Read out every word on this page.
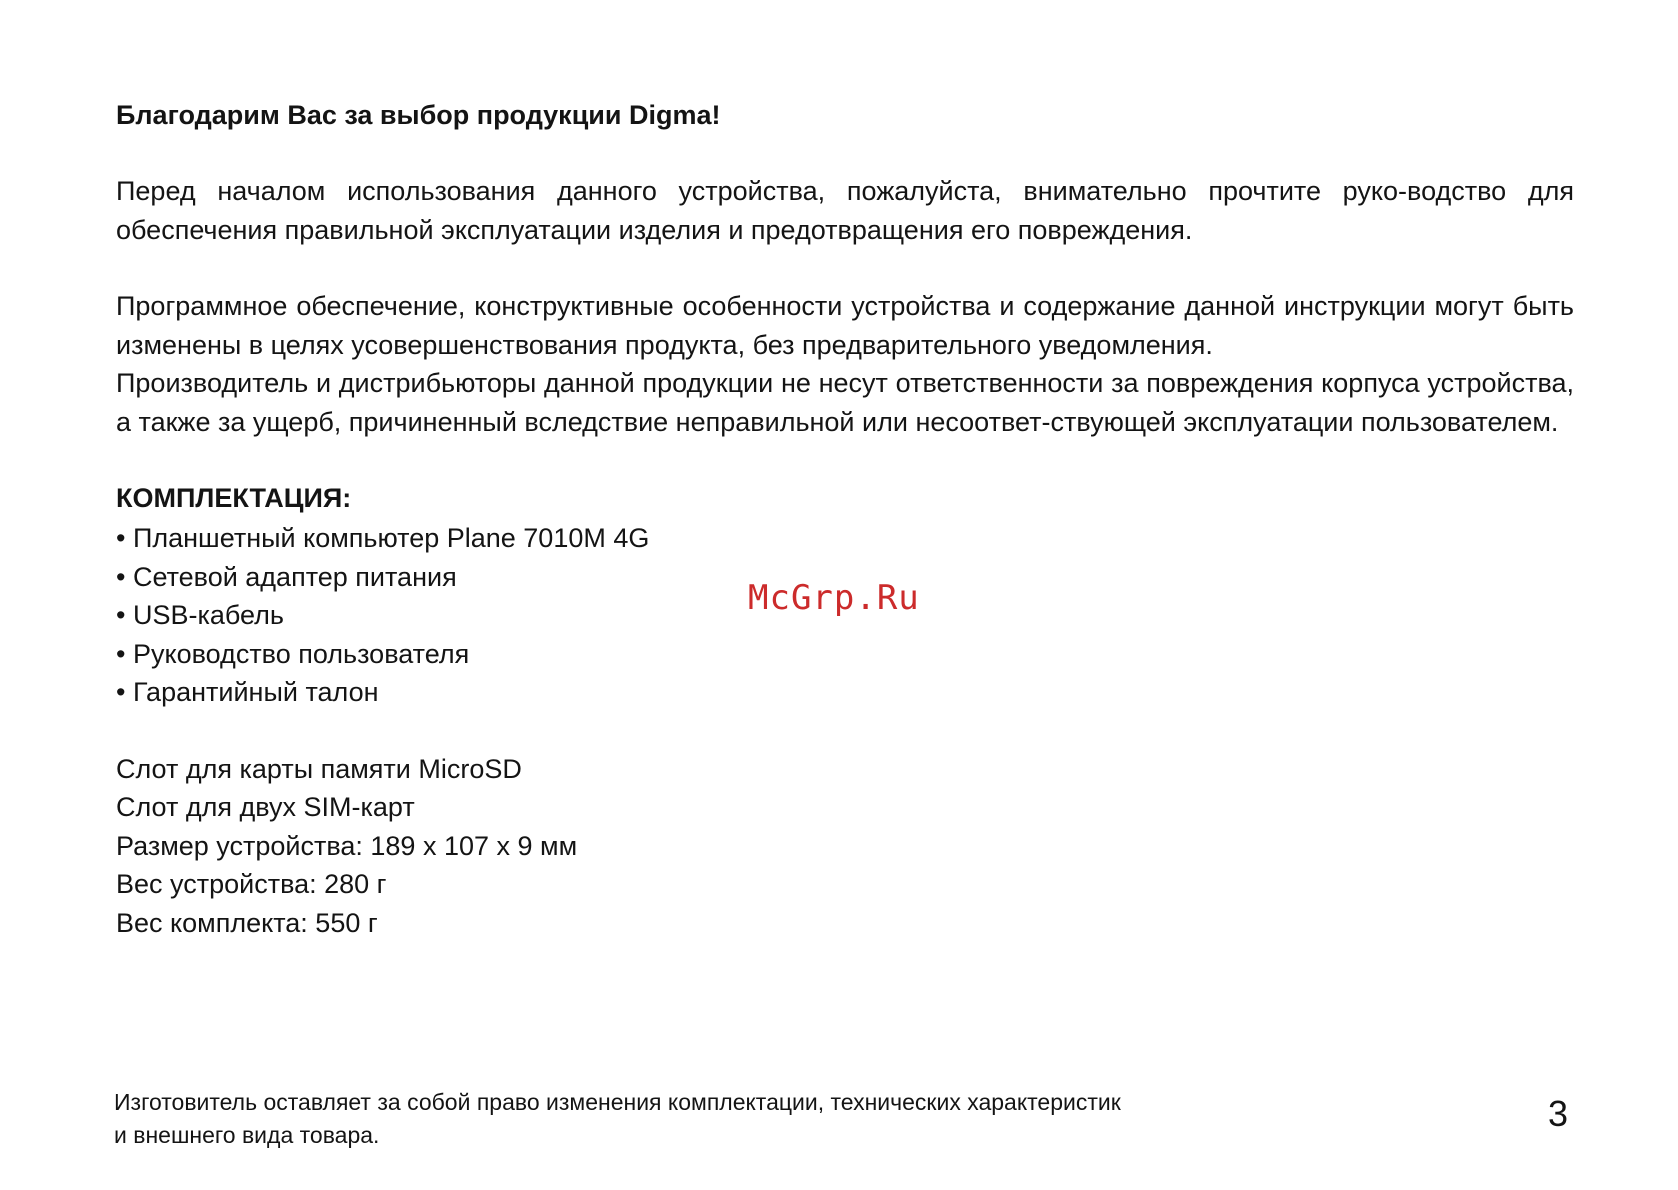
Благодарим Вас за выбор продукции Digma!

Перед началом использования данного устройства, пожалуйста, внимательно прочтите руко-водство для обеспечения правильной эксплуатации изделия и предотвращения его повреждения.

Программное обеспечение, конструктивные особенности устройства и содержание данной инструкции могут быть изменены в целях усовершенствования продукта, без предварительного уведомления.

Производитель и дистрибьюторы данной продукции не несут ответственности за повреждения корпуса устройства, а также за ущерб, причиненный вследствие неправильной или несоответ-ствующей эксплуатации пользователем.

КОМПЛЕКТАЦИЯ:

• Планшетный компьютер Plane 7010M 4G
• Сетевой адаптер питания
• USB-кабель
• Руководство пользователя
• Гарантийный талон
Слот для карты памяти MicroSD
Слот для двух SIM-карт
Размер устройства: 189 x 107 x 9 мм
Вес устройства: 280 г
Вес комплекта: 550 г
McGrp.Ru
Изготовитель оставляет за собой право изменения комплектации, технических характеристик
и внешнего вида товара.
3
